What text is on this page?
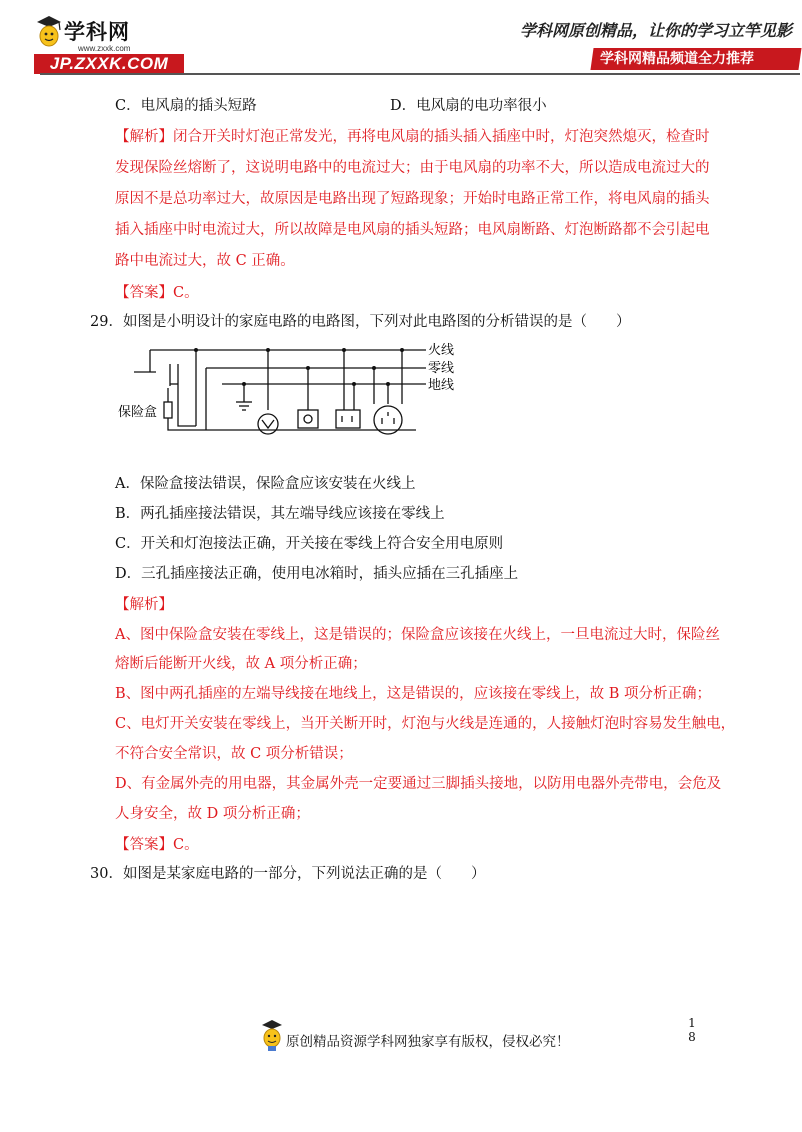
学科网
www.zxxk.com
JP.ZXXK.COM
学科网原创精品，让你的学习立竿见影
学科网精品频道全力推荐
C．电风扇的插头短路	D．电风扇的电功率很小
【解析】闭合开关时灯泡正常发光，再将电风扇的插头插入插座中时，灯泡突然熄灭，检查时
发现保险丝熔断了，这说明电路中的电流过大；由于电风扇的功率不大，所以造成电流过大的
原因不是总功率过大，故原因是电路出现了短路现象；开始时电路正常工作，将电风扇的插头
插入插座中时电流过大，所以故障是电风扇的插头短路；电风扇断路、灯泡断路都不会引起电
路中电流过大，故 C 正确。
【答案】C。
29．如图是小明设计的家庭电路的电路图，下列对此电路图的分析错误的是（　　）
火线
零线
地线
保险盒
A．保险盒接法错误，保险盒应该安装在火线上
B．两孔插座接法错误，其左端导线应该接在零线上
C．开关和灯泡接法正确，开关接在零线上符合安全用电原则
D．三孔插座接法正确，使用电冰箱时，插头应插在三孔插座上
【解析】
A、图中保险盒安装在零线上，这是错误的；保险盒应该接在火线上，一旦电流过大时，保险丝
熔断后能断开火线，故 A 项分析正确；
B、图中两孔插座的左端导线接在地线上，这是错误的，应该接在零线上，故 B 项分析正确；
C、电灯开关安装在零线上，当开关断开时，灯泡与火线是连通的，人接触灯泡时容易发生触电，
不符合安全常识，故 C 项分析错误；
D、有金属外壳的用电器，其金属外壳一定要通过三脚插头接地，以防用电器外壳带电，会危及
人身安全，故 D 项分析正确；
【答案】C。
30．如图是某家庭电路的一部分，下列说法正确的是（　　）
原创精品资源学科网独家享有版权，侵权必究！
1
8
